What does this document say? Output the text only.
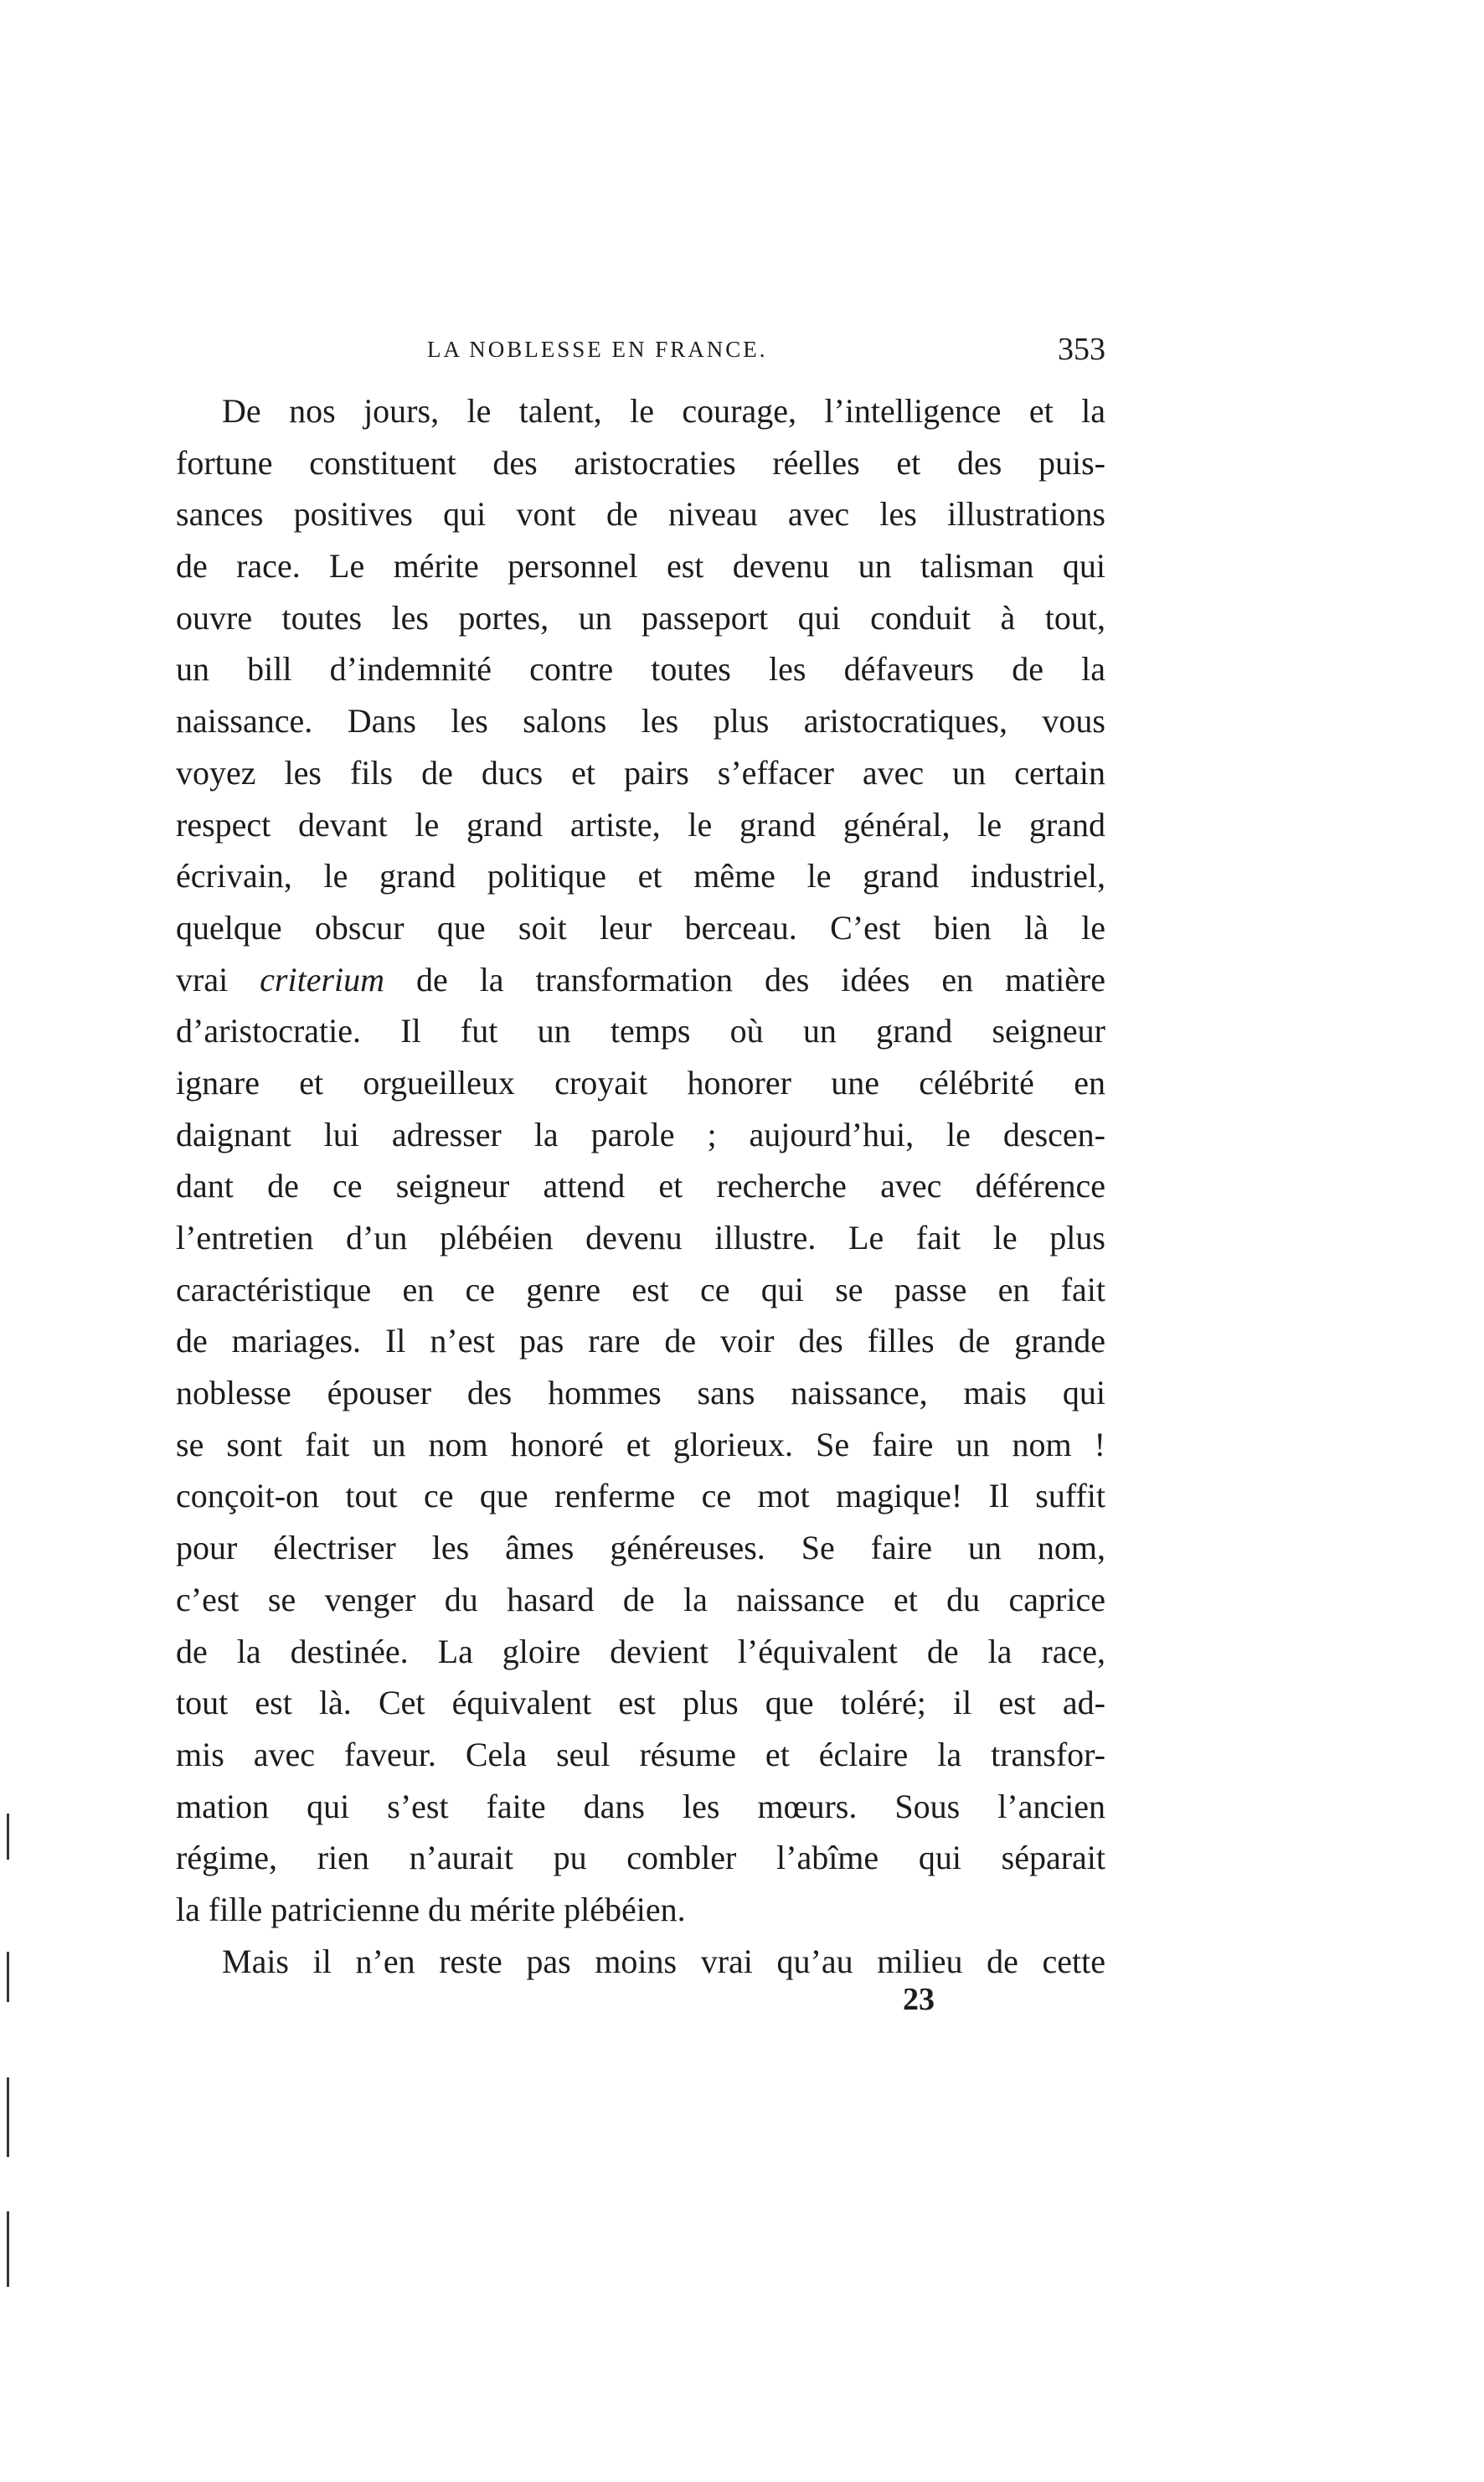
LA NOBLESSE EN FRANCE.	353
De nos jours, le talent, le courage, l’intelligence et la
fortune constituent des aristocraties réelles et des puis-
sances positives qui vont de niveau avec les illustrations
de race. Le mérite personnel est devenu un talisman qui
ouvre toutes les portes, un passeport qui conduit à tout,
un bill d’indemnité contre toutes les défaveurs de la
naissance. Dans les salons les plus aristocratiques, vous
voyez les fils de ducs et pairs s’effacer avec un certain
respect devant le grand artiste, le grand général, le grand
écrivain, le grand politique et même le grand industriel,
quelque obscur que soit leur berceau. C’est bien là le
vrai criterium de la transformation des idées en matière
d’aristocratie. Il fut un temps où un grand seigneur
ignare et orgueilleux croyait honorer une célébrité en
daignant lui adresser la parole ; aujourd’hui, le descen-
dant de ce seigneur attend et recherche avec déférence
l’entretien d’un plébéien devenu illustre. Le fait le plus
caractéristique en ce genre est ce qui se passe en fait
de mariages. Il n’est pas rare de voir des filles de grande
noblesse épouser des hommes sans naissance, mais qui
se sont fait un nom honoré et glorieux. Se faire un nom !
conçoit-on tout ce que renferme ce mot magique! Il suffit
pour électriser les âmes généreuses. Se faire un nom,
c’est se venger du hasard de la naissance et du caprice
de la destinée. La gloire devient l’équivalent de la race,
tout est là. Cet équivalent est plus que toléré; il est ad-
mis avec faveur. Cela seul résume et éclaire la transfor-
mation qui s’est faite dans les mœurs. Sous l’ancien
régime, rien n’aurait pu combler l’abîme qui séparait
la fille patricienne du mérite plébéien.
Mais il n’en reste pas moins vrai qu’au milieu de cette
23
